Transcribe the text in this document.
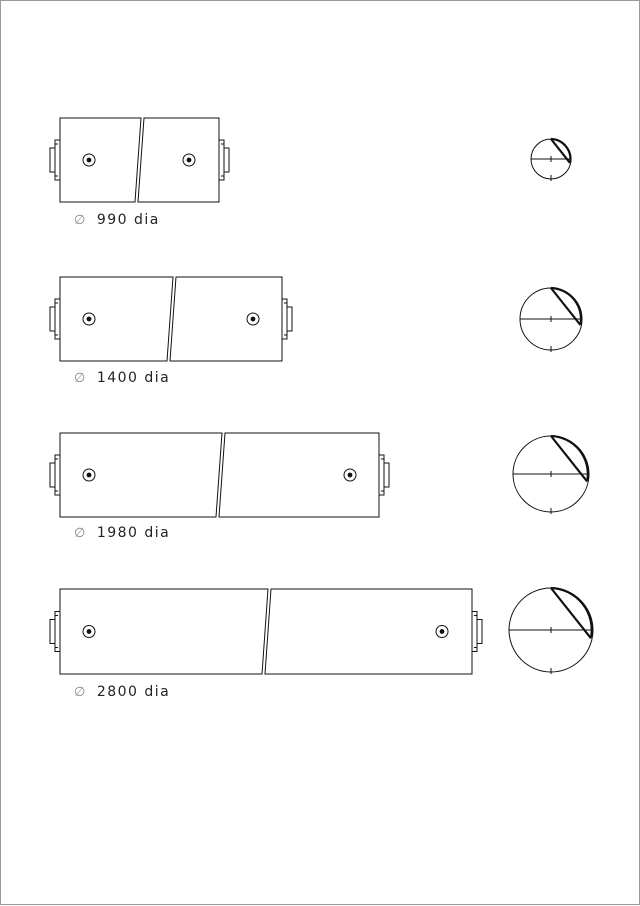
∅ 990 dia
∅ 1400 dia
∅ 1980 dia
∅ 2800 dia
